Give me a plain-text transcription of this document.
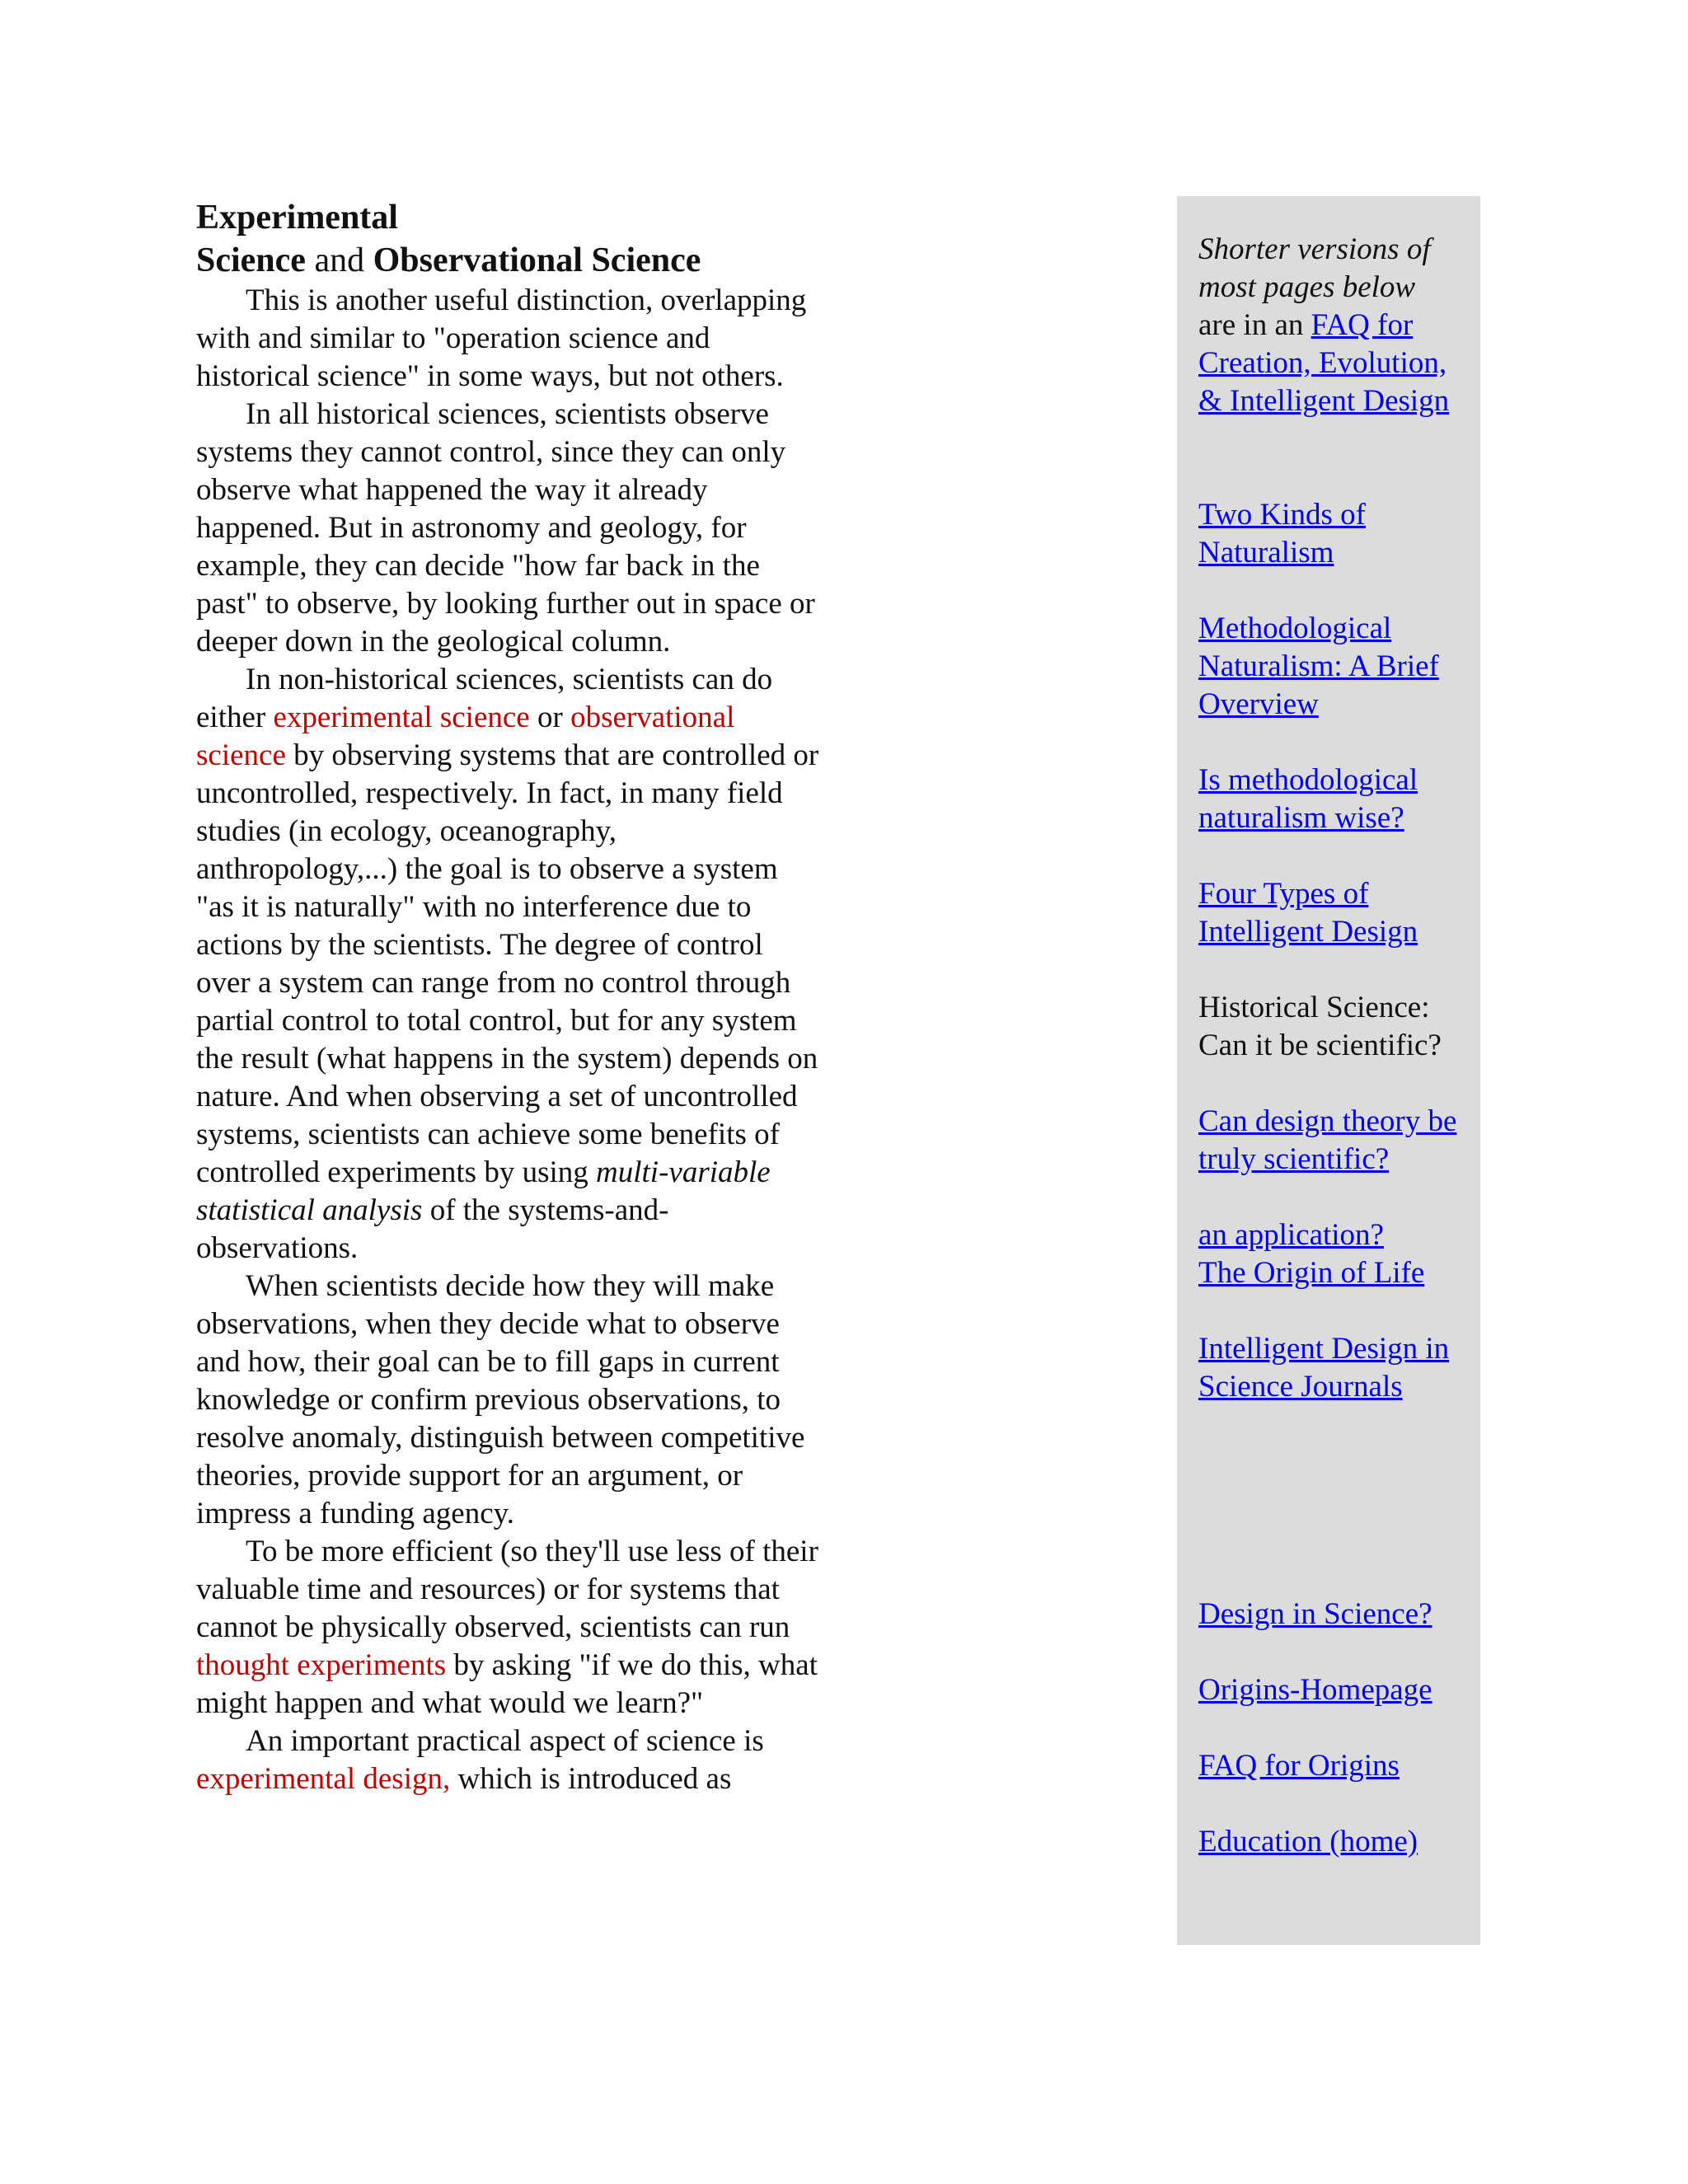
Experimental
Science and Observational Science

This is another useful distinction, overlapping with and similar to "operation science and historical science" in some ways, but not others.

In all historical sciences, scientists observe systems they cannot control, since they can only observe what happened the way it already happened. But in astronomy and geology, for example, they can decide "how far back in the past" to observe, by looking further out in space or deeper down in the geological column.

In non-historical sciences, scientists can do either experimental science or observational science by observing systems that are controlled or uncontrolled, respectively. In fact, in many field studies (in ecology, oceanography, anthropology,...) the goal is to observe a system "as it is naturally" with no interference due to actions by the scientists. The degree of control over a system can range from no control through partial control to total control, but for any system the result (what happens in the system) depends on nature. And when observing a set of uncontrolled systems, scientists can achieve some benefits of controlled experiments by using multi-variable statistical analysis of the systems-and-observations.

When scientists decide how they will make observations, when they decide what to observe and how, their goal can be to fill gaps in current knowledge or confirm previous observations, to resolve anomaly, distinguish between competitive theories, provide support for an argument, or impress a funding agency.

To be more efficient (so they'll use less of their valuable time and resources) or for systems that cannot be physically observed, scientists can run thought experiments by asking "if we do this, what might happen and what would we learn?"

An important practical aspect of science is experimental design, which is introduced as

Shorter versions of most pages below
are in an FAQ for Creation, Evolution, & Intelligent Design

Two Kinds of Naturalism

Methodological Naturalism: A Brief Overview

Is methodological naturalism wise?

Four Types of Intelligent Design

Historical Science: Can it be scientific?

Can design theory be truly scientific?

an application?
The Origin of Life

Intelligent Design in Science Journals

Design in Science?

Origins-Homepage

FAQ for Origins

Education (home)
